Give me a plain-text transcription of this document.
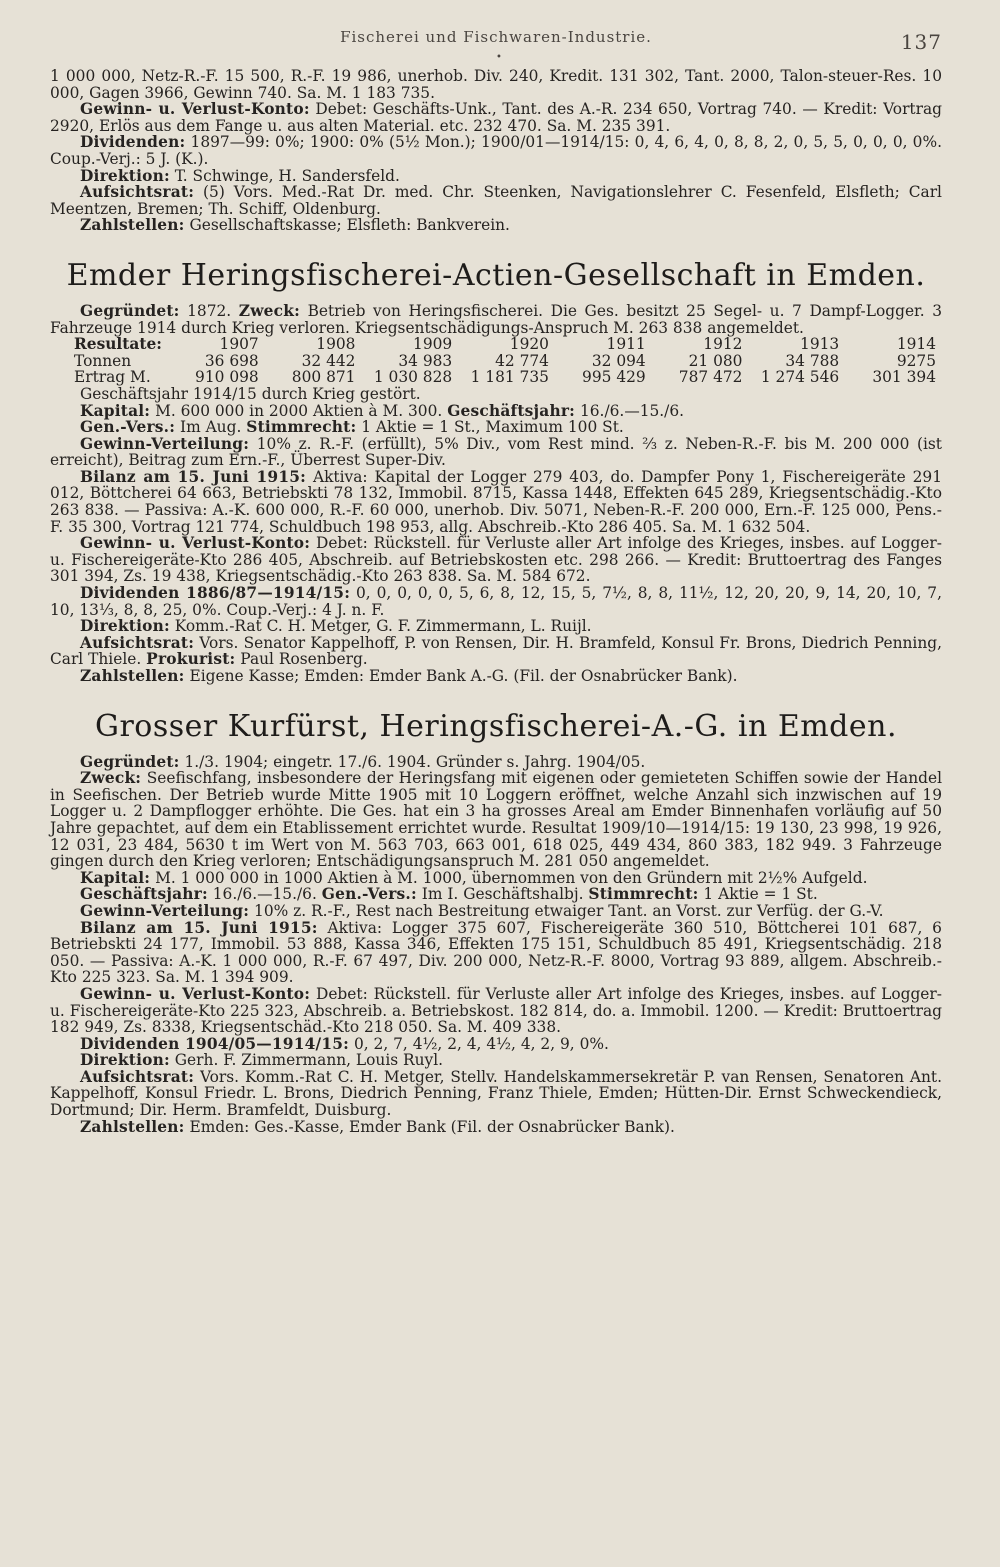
Fischerei und Fischwaren-Industrie.
•
137

1 000 000, Netz-R.-F. 15 500, R.-F. 19 986, unerhob. Div. 240, Kredit. 131 302, Tant. 2000, Talon-steuer-Res. 10 000, Gagen 3966, Gewinn 740. Sa. M. 1 183 735.

Gewinn- u. Verlust-Konto: Debet: Geschäfts-Unk., Tant. des A.-R. 234 650, Vortrag 740. — Kredit: Vortrag 2920, Erlös aus dem Fange u. aus alten Material. etc. 232 470. Sa. M. 235 391.

Dividenden: 1897—99: 0%; 1900: 0% (5½ Mon.); 1900/01—1914/15: 0, 4, 6, 4, 0, 8, 8, 2, 0, 5, 5, 0, 0, 0, 0%. Coup.-Verj.: 5 J. (K.).

Direktion: T. Schwinge, H. Sandersfeld.

Aufsichtsrat: (5) Vors. Med.-Rat Dr. med. Chr. Steenken, Navigationslehrer C. Fesenfeld, Elsfleth; Carl Meentzen, Bremen; Th. Schiff, Oldenburg.

Zahlstellen: Gesellschaftskasse; Elsfleth: Bankverein.

Emder Heringsfischerei-Actien-Gesellschaft in Emden.

Gegründet: 1872. Zweck: Betrieb von Heringsfischerei. Die Ges. besitzt 25 Segel- u. 7 Dampf-Logger. 3 Fahrzeuge 1914 durch Krieg verloren. Kriegsentschädigungs-Anspruch M. 263 838 angemeldet.

Resultate:	1907	1908	1909	1920	1911	1912	1913	1914
Tonnen	36 698	32 442	34 983	42 774	32 094	21 080	34 788	9275
Ertrag M.	910 098	800 871	1 030 828	1 181 735	995 429	787 472	1 274 546	301 394

Geschäftsjahr 1914/15 durch Krieg gestört.

Kapital: M. 600 000 in 2000 Aktien à M. 300. Geschäftsjahr: 16./6.—15./6.

Gen.-Vers.: Im Aug. Stimmrecht: 1 Aktie = 1 St., Maximum 100 St.

Gewinn-Verteilung: 10% z. R.-F. (erfüllt), 5% Div., vom Rest mind. ⅔ z. Neben-R.-F. bis M. 200 000 (ist erreicht), Beitrag zum Ern.-F., Überrest Super-Div.

Bilanz am 15. Juni 1915: Aktiva: Kapital der Logger 279 403, do. Dampfer Pony 1, Fischereigeräte 291 012, Böttcherei 64 663, Betriebskti 78 132, Immobil. 8715, Kassa 1448, Effekten 645 289, Kriegsentschädig.-Kto 263 838. — Passiva: A.-K. 600 000, R.-F. 60 000, unerhob. Div. 5071, Neben-R.-F. 200 000, Ern.-F. 125 000, Pens.-F. 35 300, Vortrag 121 774, Schuldbuch 198 953, allg. Abschreib.-Kto 286 405. Sa. M. 1 632 504.

Gewinn- u. Verlust-Konto: Debet: Rückstell. für Verluste aller Art infolge des Krieges, insbes. auf Logger- u. Fischereigeräte-Kto 286 405, Abschreib. auf Betriebskosten etc. 298 266. — Kredit: Bruttoertrag des Fanges 301 394, Zs. 19 438, Kriegsentschädig.-Kto 263 838. Sa. M. 584 672.

Dividenden 1886/87—1914/15: 0, 0, 0, 0, 0, 5, 6, 8, 12, 15, 5, 7½, 8, 8, 11½, 12, 20, 20, 9, 14, 20, 10, 7, 10, 13⅓, 8, 8, 25, 0%. Coup.-Verj.: 4 J. n. F.

Direktion: Komm.-Rat C. H. Metger, G. F. Zimmermann, L. Ruijl.

Aufsichtsrat: Vors. Senator Kappelhoff, P. von Rensen, Dir. H. Bramfeld, Konsul Fr. Brons, Diedrich Penning, Carl Thiele. Prokurist: Paul Rosenberg.

Zahlstellen: Eigene Kasse; Emden: Emder Bank A.-G. (Fil. der Osnabrücker Bank).

Grosser Kurfürst, Heringsfischerei-A.-G. in Emden.

Gegründet: 1./3. 1904; eingetr. 17./6. 1904. Gründer s. Jahrg. 1904/05.

Zweck: Seefischfang, insbesondere der Heringsfang mit eigenen oder gemieteten Schiffen sowie der Handel in Seefischen. Der Betrieb wurde Mitte 1905 mit 10 Loggern eröffnet, welche Anzahl sich inzwischen auf 19 Logger u. 2 Dampflogger erhöhte. Die Ges. hat ein 3 ha grosses Areal am Emder Binnenhafen vorläufig auf 50 Jahre gepachtet, auf dem ein Etablissement errichtet wurde. Resultat 1909/10—1914/15: 19 130, 23 998, 19 926, 12 031, 23 484, 5630 t im Wert von M. 563 703, 663 001, 618 025, 449 434, 860 383, 182 949. 3 Fahrzeuge gingen durch den Krieg verloren; Entschädigungsanspruch M. 281 050 angemeldet.

Kapital: M. 1 000 000 in 1000 Aktien à M. 1000, übernommen von den Gründern mit 2½% Aufgeld.

Geschäftsjahr: 16./6.—15./6. Gen.-Vers.: Im I. Geschäftshalbj. Stimmrecht: 1 Aktie = 1 St.

Gewinn-Verteilung: 10% z. R.-F., Rest nach Bestreitung etwaiger Tant. an Vorst. zur Verfüg. der G.-V.

Bilanz am 15. Juni 1915: Aktiva: Logger 375 607, Fischereigeräte 360 510, Böttcherei 101 687, 6 Betriebskti 24 177, Immobil. 53 888, Kassa 346, Effekten 175 151, Schuldbuch 85 491, Kriegsentschädig. 218 050. — Passiva: A.-K. 1 000 000, R.-F. 67 497, Div. 200 000, Netz-R.-F. 8000, Vortrag 93 889, allgem. Abschreib.-Kto 225 323. Sa. M. 1 394 909.

Gewinn- u. Verlust-Konto: Debet: Rückstell. für Verluste aller Art infolge des Krieges, insbes. auf Logger- u. Fischereigeräte-Kto 225 323, Abschreib. a. Betriebskost. 182 814, do. a. Immobil. 1200. — Kredit: Bruttoertrag 182 949, Zs. 8338, Kriegsentschäd.-Kto 218 050. Sa. M. 409 338.

Dividenden 1904/05—1914/15: 0, 2, 7, 4½, 2, 4, 4½, 4, 2, 9, 0%.

Direktion: Gerh. F. Zimmermann, Louis Ruyl.

Aufsichtsrat: Vors. Komm.-Rat C. H. Metger, Stellv. Handelskammersekretär P. van Rensen, Senatoren Ant. Kappelhoff, Konsul Friedr. L. Brons, Diedrich Penning, Franz Thiele, Emden; Hütten-Dir. Ernst Schweckendieck, Dortmund; Dir. Herm. Bramfeldt, Duisburg.

Zahlstellen: Emden: Ges.-Kasse, Emder Bank (Fil. der Osnabrücker Bank).
